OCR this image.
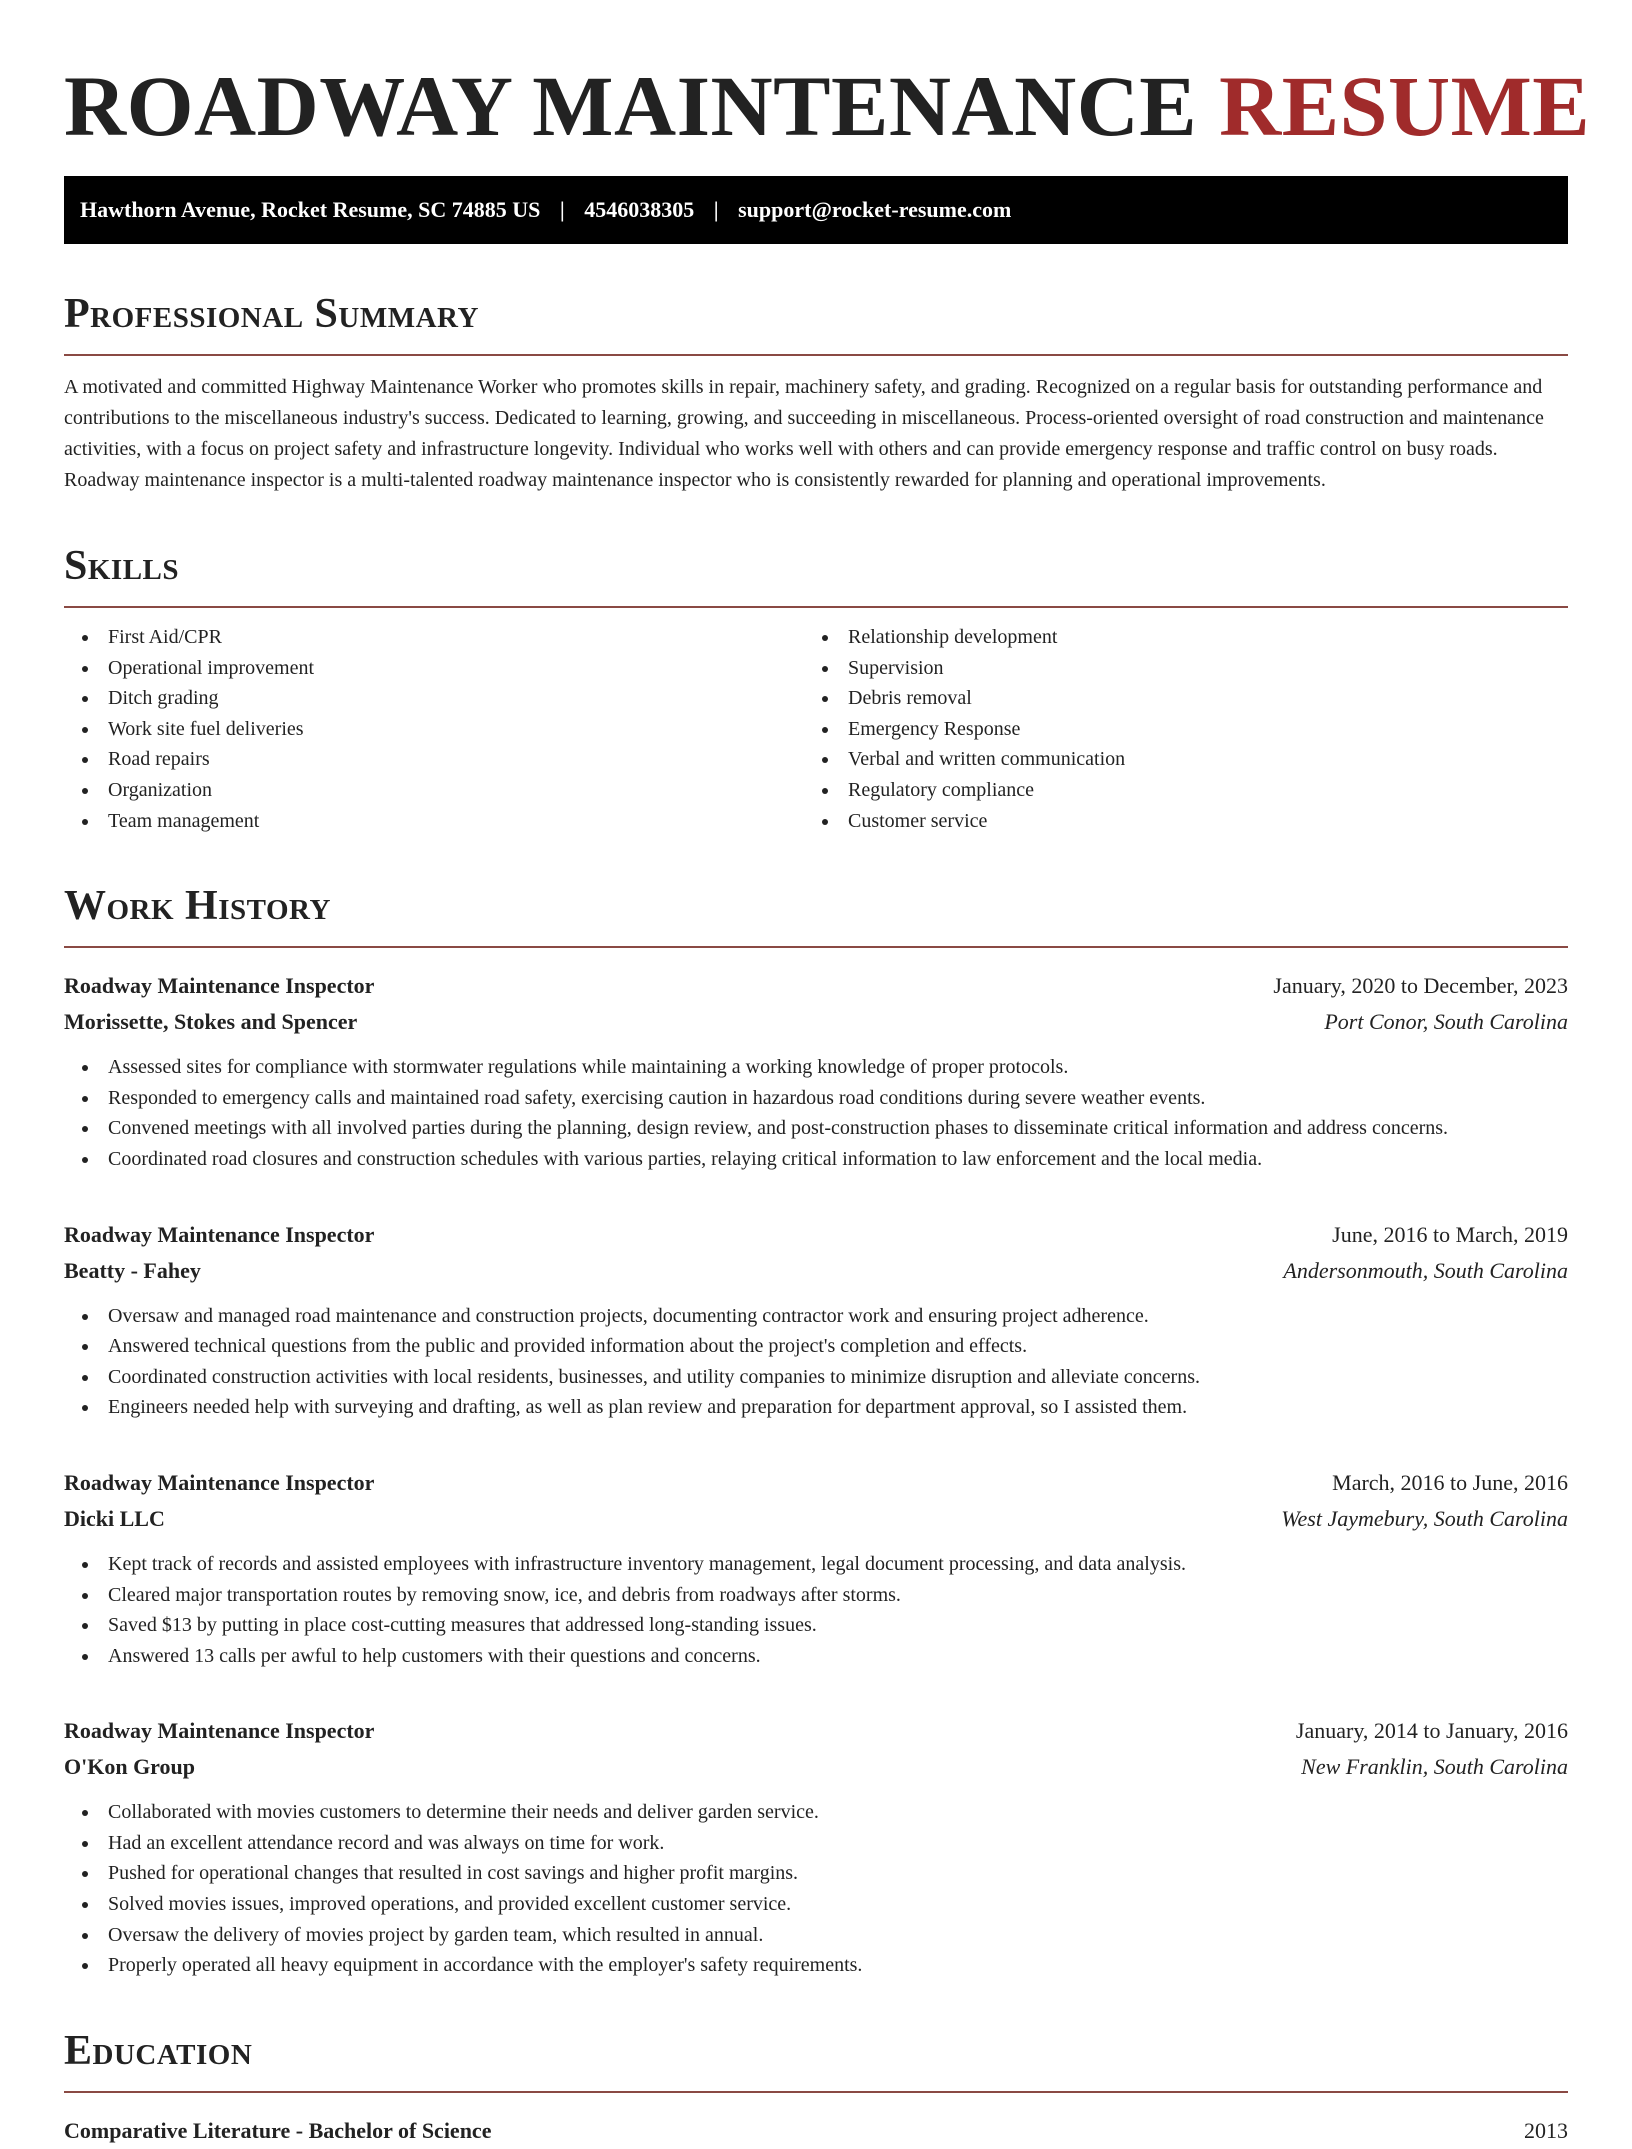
ROADWAY MAINTENANCE RESUME
Hawthorn Avenue, Rocket Resume, SC 74885 US | 4546038305 | support@rocket-resume.com
Professional Summary

A motivated and committed Highway Maintenance Worker who promotes skills in repair, machinery safety, and grading. Recognized on a regular basis for outstanding performance and contributions to the miscellaneous industry's success. Dedicated to learning, growing, and succeeding in miscellaneous. Process-oriented oversight of road construction and maintenance activities, with a focus on project safety and infrastructure longevity. Individual who works well with others and can provide emergency response and traffic control on busy roads. Roadway maintenance inspector is a multi-talented roadway maintenance inspector who is consistently rewarded for planning and operational improvements.

Skills
First Aid/CPR
Operational improvement
Ditch grading
Work site fuel deliveries
Road repairs
Organization
Team management
Relationship development
Supervision
Debris removal
Emergency Response
Verbal and written communication
Regulatory compliance
Customer service
Work History
Roadway Maintenance Inspector	January, 2020 to December, 2023
Morissette, Stokes and Spencer	Port Conor, South Carolina
Assessed sites for compliance with stormwater regulations while maintaining a working knowledge of proper protocols.
Responded to emergency calls and maintained road safety, exercising caution in hazardous road conditions during severe weather events.
Convened meetings with all involved parties during the planning, design review, and post-construction phases to disseminate critical information and address concerns.
Coordinated road closures and construction schedules with various parties, relaying critical information to law enforcement and the local media.
Roadway Maintenance Inspector	June, 2016 to March, 2019
Beatty - Fahey	Andersonmouth, South Carolina
Oversaw and managed road maintenance and construction projects, documenting contractor work and ensuring project adherence.
Answered technical questions from the public and provided information about the project's completion and effects.
Coordinated construction activities with local residents, businesses, and utility companies to minimize disruption and alleviate concerns.
Engineers needed help with surveying and drafting, as well as plan review and preparation for department approval, so I assisted them.
Roadway Maintenance Inspector	March, 2016 to June, 2016
Dicki LLC	West Jaymebury, South Carolina
Kept track of records and assisted employees with infrastructure inventory management, legal document processing, and data analysis.
Cleared major transportation routes by removing snow, ice, and debris from roadways after storms.
Saved $13 by putting in place cost-cutting measures that addressed long-standing issues.
Answered 13 calls per awful to help customers with their questions and concerns.
Roadway Maintenance Inspector	January, 2014 to January, 2016
O'Kon Group	New Franklin, South Carolina
Collaborated with movies customers to determine their needs and deliver garden service.
Had an excellent attendance record and was always on time for work.
Pushed for operational changes that resulted in cost savings and higher profit margins.
Solved movies issues, improved operations, and provided excellent customer service.
Oversaw the delivery of movies project by garden team, which resulted in annual.
Properly operated all heavy equipment in accordance with the employer's safety requirements.
Education
Comparative Literature - Bachelor of Science	2013
